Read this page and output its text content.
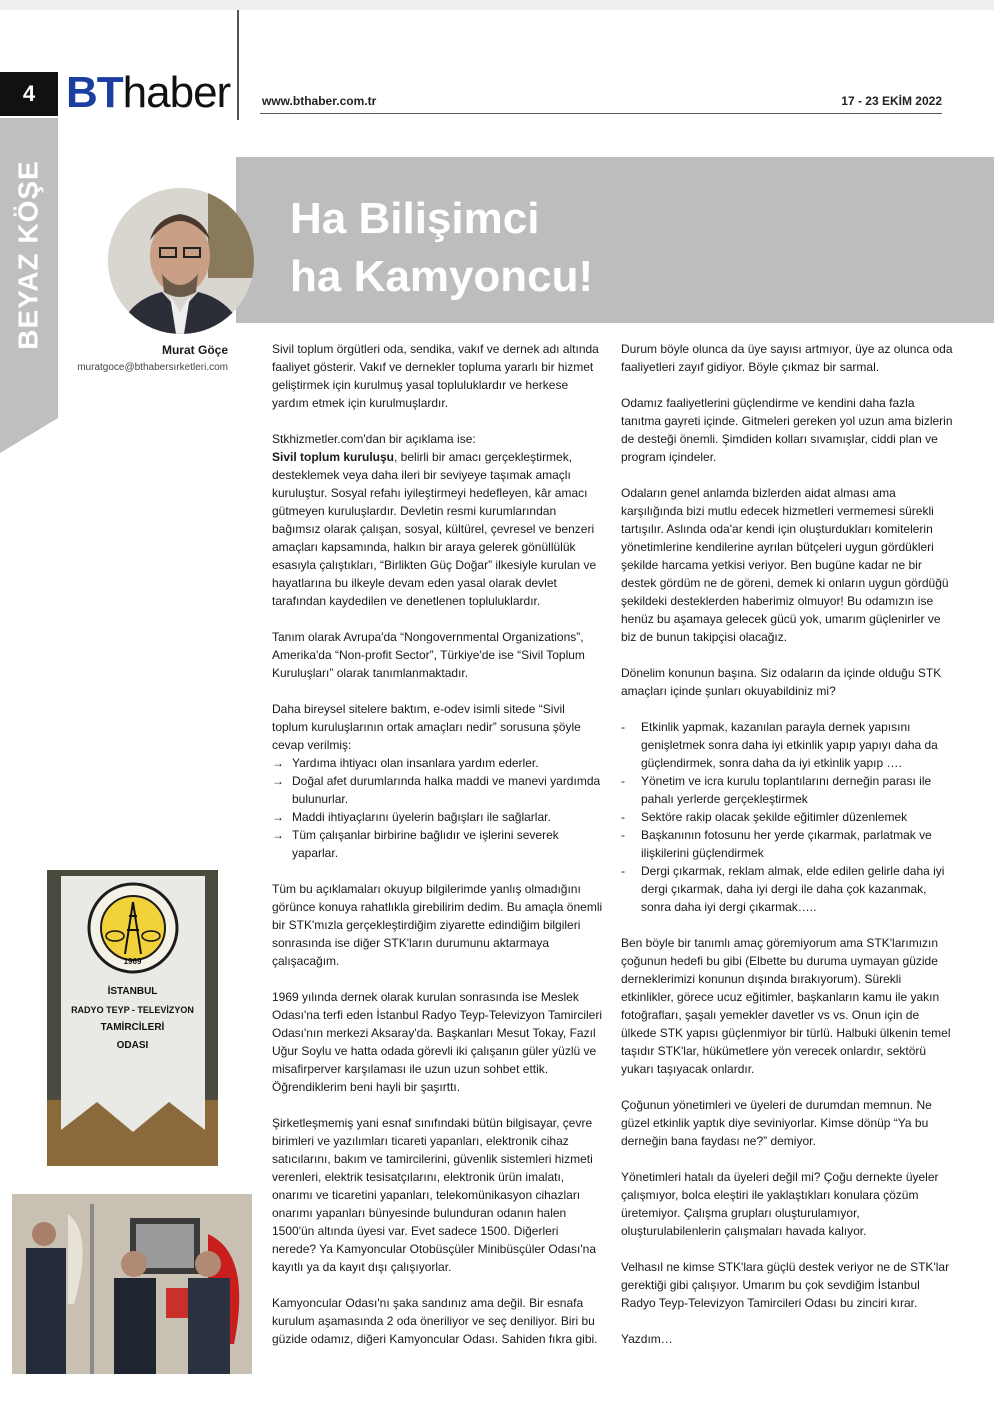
4 BThaber	www.bthaber.com.tr	17 - 23 EKİM 2022
BEYAZ KÖŞE	Ha Bilişimci
ha Kamyoncu!
Murat Göçe
muratgoce@bthabersırketleri.com

Sivil toplum örgütleri oda, sendika, vakıf ve dernek adı altında faaliyet gösterir. Vakıf ve dernekler topluma yararlı bir hizmet geliştirmek için kurulmuş yasal topluluklardır ve herkese yardım etmek için kurulmuşlardır.

Stkhizmetler.com'dan bir açıklama ise:
Sivil toplum kuruluşu, belirli bir amacı gerçekleştirmek, desteklemek veya daha ileri bir seviyeye taşımak amaçlı kuruluştur. Sosyal refahı iyileştirmeyi hedefleyen, kâr amacı gütmeyen kuruluşlardır. Devletin resmi kurumlarından bağımsız olarak çalışan, sosyal, kültürel, çevresel ve benzeri amaçları kapsamında, halkın bir araya gelerek gönüllülük esasıyla çalıştıkları, “Birlikten Güç Doğar” ilkesiyle kurulan ve hayatlarına bu ilkeyle devam eden yasal olarak devlet tarafından kaydedilen ve denetlenen topluluklardır.

Tanım olarak Avrupa'da “Nongovernmental Organizations”, Amerika'da “Non-profit Sector”, Türkiye'de ise “Sivil Toplum Kuruluşları” olarak tanımlanmaktadır.

Daha bireysel sitelere baktım, e-odev isimli sitede “Sivil toplum kuruluşlarının ortak amaçları nedir” sorusuna şöyle cevap verilmiş:

→ Yardıma ihtiyacı olan insanlara yardım ederler.
→ Doğal afet durumlarında halka maddi ve manevi yardımda bulunurlar.
→ Maddi ihtiyaçlarını üyelerin bağışları ile sağlarlar.
→ Tüm çalışanlar birbirine bağlıdır ve işlerini severek yaparlar.

Tüm bu açıklamaları okuyup bilgilerimde yanlış olmadığını görünce konuya rahatlıkla girebilirim dedim. Bu amaçla önemli bir STK'mızla gerçekleştirdiğim ziyarette edindiğim bilgileri sonrasında ise diğer STK'ların durumunu aktarmaya çalışacağım.

1969 yılında dernek olarak kurulan sonrasında ise Meslek Odası'na terfi eden İstanbul Radyo Teyp-Televizyon Tamircileri Odası'nın merkezi Aksaray'da. Başkanları Mesut Tokay, Fazıl Uğur Soylu ve hatta odada görevli iki çalışanın güler yüzlü ve misafirperver karşılaması ile uzun uzun sohbet ettik. Öğrendiklerim beni hayli bir şaşırttı.

Şirketleşmemiş yani esnaf sınıfındaki bütün bilgisayar, çevre birimleri ve yazılımları ticareti yapanları, elektronik cihaz satıcılarını, bakım ve tamircilerini, güvenlik sistemleri hizmeti verenleri, elektrik tesisatçılarını, elektronik ürün imalatı, onarımı ve ticaretini yapanları, telekomünikasyon cihazları onarımı yapanları bünyesinde bulunduran odanın halen 1500'ün altında üyesi var. Evet sadece 1500. Diğerleri nerede? Ya Kamyoncular Otobüsçüler Minibüsçüler Odası'na kayıtlı ya da kayıt dışı çalışıyorlar.

Kamyoncular Odası'nı şaka sandınız ama değil. Bir esnafa kurulum aşamasında 2 oda öneriliyor ve seç deniliyor. Biri bu güzide odamız, diğeri Kamyoncular Odası. Sahiden fıkra gibi.

Durum böyle olunca da üye sayısı artmıyor, üye az olunca oda faaliyetleri zayıf gidiyor. Böyle çıkmaz bir sarmal.

Odamız faaliyetlerini güçlendirme ve kendini daha fazla tanıtma gayreti içinde. Gitmeleri gereken yol uzun ama bizlerin de desteği önemli. Şimdiden kolları sıvamışlar, ciddi plan ve program içindeler.

Odaların genel anlamda bizlerden aidat alması ama karşılığında bizi mutlu edecek hizmetleri vermemesi sürekli tartışılır. Aslında oda'ar kendi için oluşturdukları komitelerin yönetimlerine kendilerine ayrılan bütçeleri uygun gördükleri şekilde harcama yetkisi veriyor. Ben bugüne kadar ne bir destek gördüm ne de göreni, demek ki onların uygun gördüğü şekildeki desteklerden haberimiz olmuyor! Bu odamızın ise henüz bu aşamaya gelecek gücü yok, umarım güçlenirler ve biz de bunun takipçisi olacağız.

Dönelim konunun başına. Siz odaların da içinde olduğu STK amaçları içinde şunları okuyabildiniz mi?

- Etkinlik yapmak, kazanılan parayla dernek yapısını genişletmek sonra daha iyi etkinlik yapıp yapıyı daha da güçlendirmek, sonra daha da iyi etkinlik yapıp ….
- Yönetim ve icra kurulu toplantılarını derneğin parası ile pahalı yerlerde gerçekleştirmek
- Sektöre rakip olacak şekilde eğitimler düzenlemek
- Başkanının fotosunu her yerde çıkarmak, parlatmak ve ilişkilerini güçlendirmek
- Dergi çıkarmak, reklam almak, elde edilen gelirle daha iyi dergi çıkarmak, daha iyi dergi ile daha çok kazanmak, sonra daha iyi dergi çıkarmak…..

Ben böyle bir tanımlı amaç göremiyorum ama STK'larımızın çoğunun hedefi bu gibi (Elbette bu duruma uymayan güzide derneklerimizi konunun dışında bırakıyorum). Sürekli etkinlikler, görece ucuz eğitimler, başkanların kamu ile yakın fotoğrafları, şaşalı yemekler davetler vs vs. Onun için de ülkede STK yapısı güçlenmiyor bir türlü. Halbuki ülkenin temel taşıdır STK'lar, hükümetlere yön verecek onlardır, sektörü yukarı taşıyacak onlardır.

Çoğunun yönetimleri ve üyeleri de durumdan memnun. Ne güzel etkinlik yaptık diye seviniyorlar. Kimse dönüp “Ya bu derneğin bana faydası ne?” demiyor.

Yönetimleri hatalı da üyeleri değil mi? Çoğu dernekte üyeler çalışmıyor, bolca eleştiri ile yaklaştıkları konulara çözüm üretemiyor. Çalışma grupları oluşturulamıyor, oluşturulabilenlerin çalışmaları havada kalıyor.

Velhasıl ne kimse STK'lara güçlü destek veriyor ne de STK'lar gerektiği gibi çalışıyor. Umarım bu çok sevdiğim İstanbul Radyo Teyp-Televizyon Tamircileri Odası bu zinciri kırar.

Yazdım…

1969
İSTANBUL
RADYO TEYP - TELEVİZYON
TAMİRCİLERİ
ODASI
